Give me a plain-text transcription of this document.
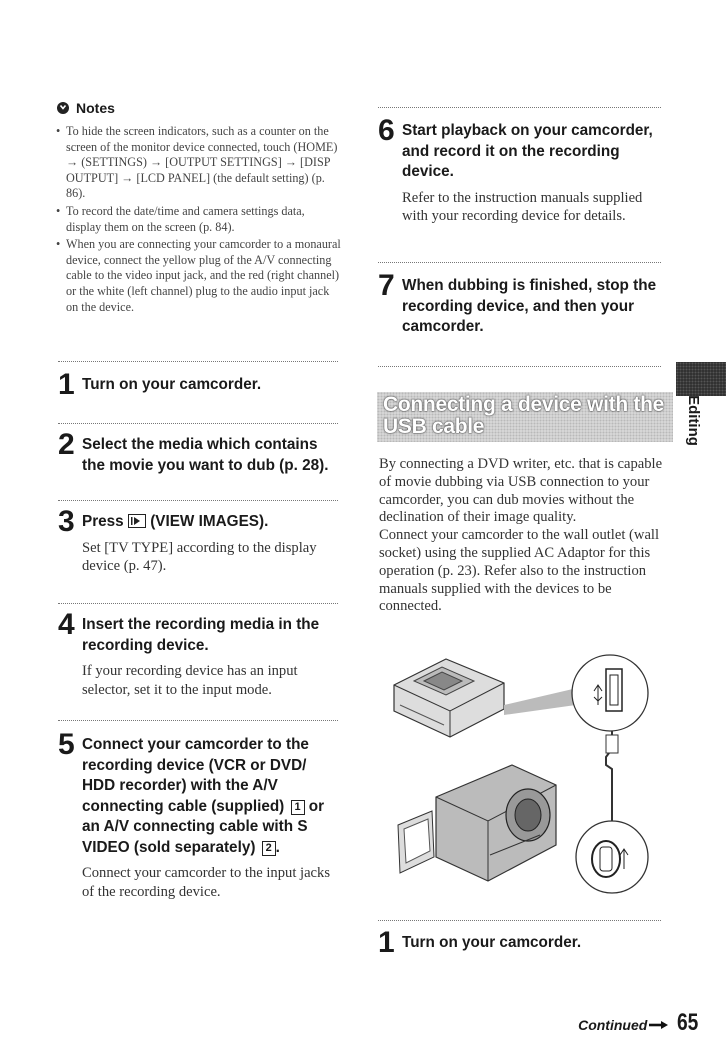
Notes
• To hide the screen indicators, such as a counter on the screen of the monitor device connected, touch (HOME) → (SETTINGS) → [OUTPUT SETTINGS] → [DISP OUTPUT] → [LCD PANEL] (the default setting) (p. 86).
• To record the date/time and camera settings data, display them on the screen (p. 84).
• When you are connecting your camcorder to a monaural device, connect the yellow plug of the A/V connecting cable to the video input jack, and the red (right channel) or the white (left channel) plug to the audio input jack on the device.
1 Turn on your camcorder.
2 Select the media which contains the movie you want to dub (p. 28).
3 Press (VIEW IMAGES).
Set [TV TYPE] according to the display device (p. 47).
4 Insert the recording media in the recording device.
If your recording device has an input selector, set it to the input mode.
5 Connect your camcorder to the recording device (VCR or DVD/ HDD recorder) with the A/V connecting cable (supplied) 1 or an A/V connecting cable with S VIDEO (sold separately) 2 .
Connect your camcorder to the input jacks of the recording device.
6 Start playback on your camcorder, and record it on the recording device.
Refer to the instruction manuals supplied with your recording device for details.
7 When dubbing is finished, stop the recording device, and then your camcorder.
Connecting a device with the USB cable
By connecting a DVD writer, etc. that is capable of movie dubbing via USB connection to your camcorder, you can dub movies without the declination of their image quality.
Connect your camcorder to the wall outlet (wall socket) using the supplied AC Adaptor for this operation (p. 23). Refer also to the instruction manuals supplied with the devices to be connected.
1 Turn on your camcorder.
Editing
Continued 65
